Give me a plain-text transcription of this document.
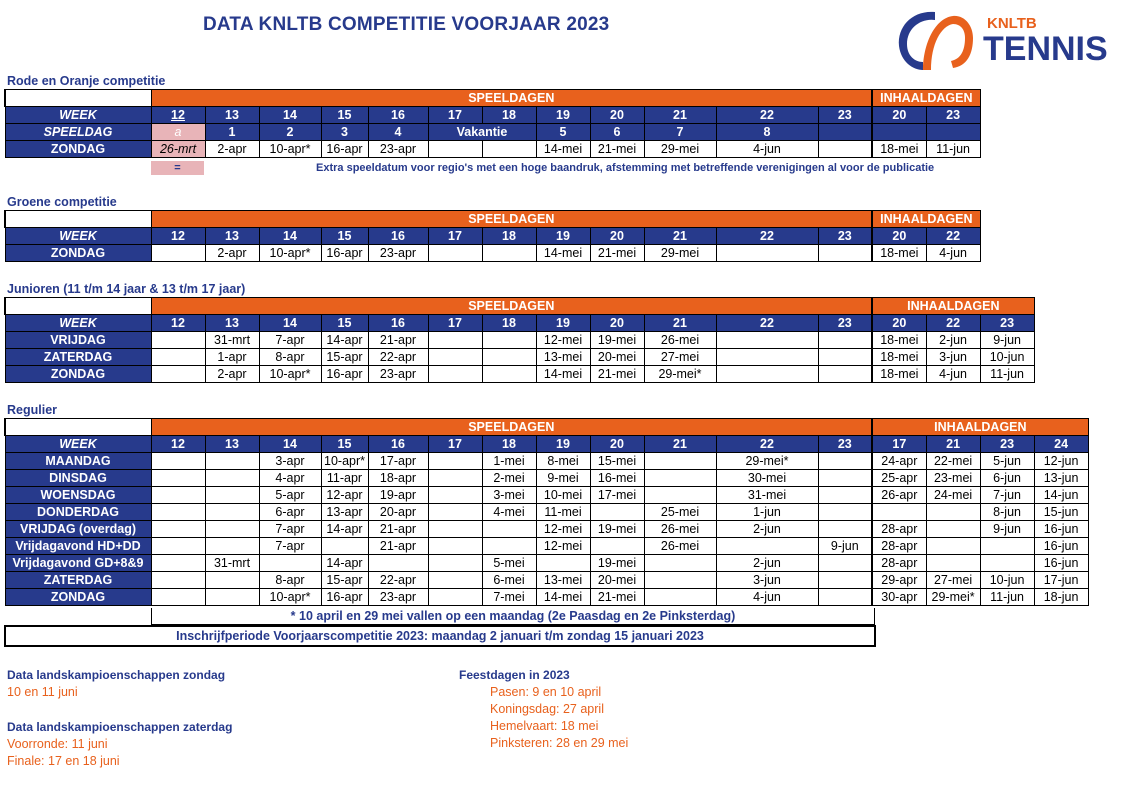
DATA KNLTB COMPETITIE VOORJAAR 2023	KNLTB
TENNIS
Rode en Oranje competitie
	SPEELDAGEN												INHAALDAGEN	
WEEK	12	13	14	15	16	17	18	19	20	21	22	23	20	23
SPEELDAG	a	1	2	3	4	Vakantie		5	6	7	8			
ZONDAG	26-mrt	2-apr	10-apr*	16-apr	23-apr			14-mei	21-mei	29-mei	4-jun		18-mei	11-jun
=	Extra speeldatum voor regio's met een hoge baandruk, afstemming met betreffende verenigingen al voor de publicatie
Groene competitie
	SPEELDAGEN												INHAALDAGEN	
WEEK	12	13	14	15	16	17	18	19	20	21	22	23	20	22
ZONDAG		2-apr	10-apr*	16-apr	23-apr			14-mei	21-mei	29-mei			18-mei	4-jun
Junioren (11 t/m 14 jaar & 13 t/m 17 jaar)
	SPEELDAGEN												INHAALDAGEN		
WEEK	12	13	14	15	16	17	18	19	20	21	22	23	20	22	23
VRIJDAG		31-mrt	7-apr	14-apr	21-apr			12-mei	19-mei	26-mei			18-mei	2-jun	9-jun
ZATERDAG		1-apr	8-apr	15-apr	22-apr			13-mei	20-mei	27-mei			18-mei	3-jun	10-jun
ZONDAG		2-apr	10-apr*	16-apr	23-apr			14-mei	21-mei	29-mei*			18-mei	4-jun	11-jun
Regulier
	SPEELDAGEN												INHAALDAGEN			
WEEK	12	13	14	15	16	17	18	19	20	21	22	23	17	21	23	24
MAANDAG			3-apr	10-apr*	17-apr		1-mei	8-mei	15-mei		29-mei*		24-apr	22-mei	5-jun	12-jun
DINSDAG			4-apr	11-apr	18-apr		2-mei	9-mei	16-mei		30-mei		25-apr	23-mei	6-jun	13-jun
WOENSDAG			5-apr	12-apr	19-apr		3-mei	10-mei	17-mei		31-mei		26-apr	24-mei	7-jun	14-jun
DONDERDAG			6-apr	13-apr	20-apr		4-mei	11-mei		25-mei	1-jun				8-jun	15-jun
VRIJDAG (overdag)			7-apr	14-apr	21-apr			12-mei	19-mei	26-mei	2-jun		28-apr		9-jun	16-jun
Vrijdagavond HD+DD			7-apr		21-apr			12-mei		26-mei		9-jun	28-apr			16-jun
Vrijdagavond GD+8&9		31-mrt		14-apr			5-mei		19-mei		2-jun		28-apr			16-jun
ZATERDAG			8-apr	15-apr	22-apr		6-mei	13-mei	20-mei		3-jun		29-apr	27-mei	10-jun	17-jun
ZONDAG			10-apr*	16-apr	23-apr		7-mei	14-mei	21-mei		4-jun		30-apr	29-mei*	11-jun	18-jun
* 10 april en 29 mei vallen op een maandag (2e Paasdag en 2e Pinksterdag)
Inschrijfperiode Voorjaarscompetitie 2023: maandag 2 januari t/m zondag 15 januari 2023
Data landskampioenschappen zondag
10 en 11 juni
Data landskampioenschappen zaterdag
Voorronde: 11 juni
Finale: 17 en 18 juni
Feestdagen in 2023
Pasen: 9 en 10 april
Koningsdag: 27 april
Hemelvaart: 18 mei
Pinksteren: 28 en 29 mei
